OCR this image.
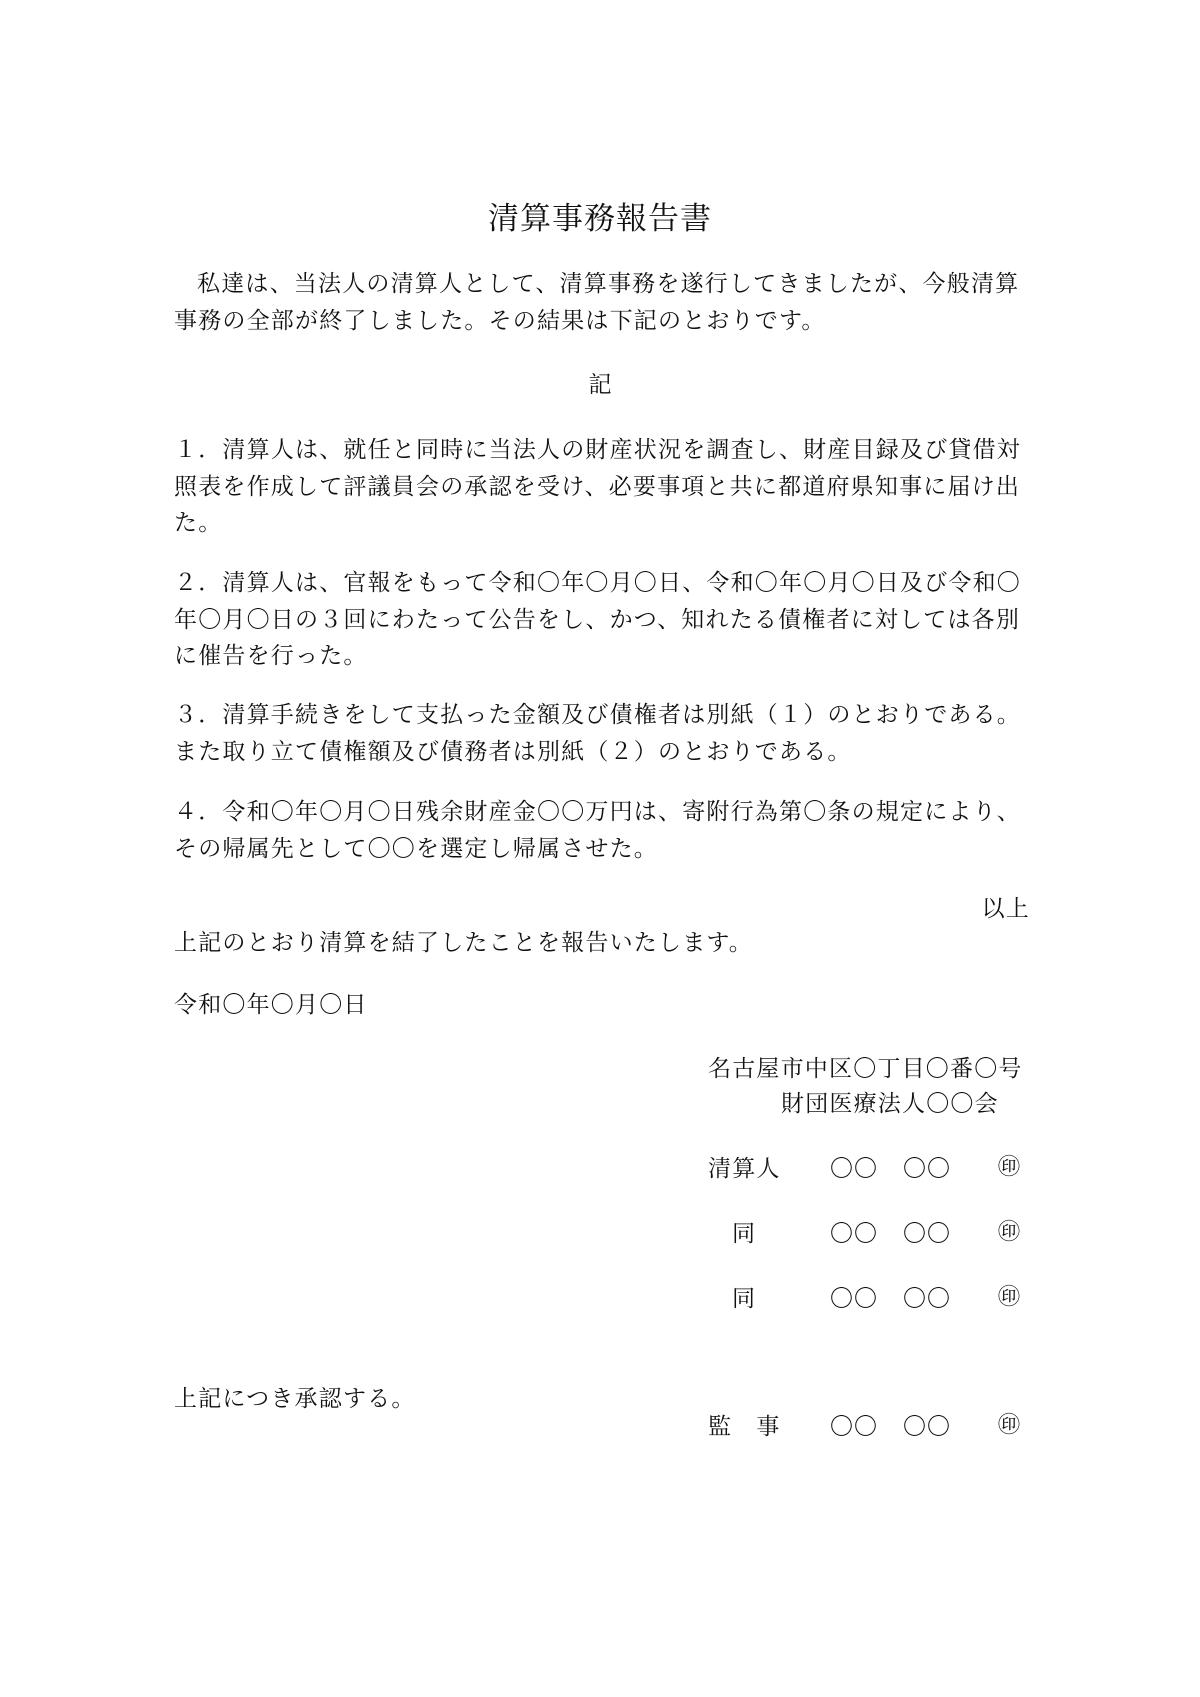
清算事務報告書
私達は、当法人の清算人として、清算事務を遂行してきましたが、今般清算事務の全部が終了しました。その結果は下記のとおりです。
記
１．清算人は、就任と同時に当法人の財産状況を調査し、財産目録及び貸借対照表を作成して評議員会の承認を受け、必要事項と共に都道府県知事に届け出た。
２．清算人は、官報をもって令和〇年〇月〇日、令和〇年〇月〇日及び令和〇年〇月〇日の３回にわたって公告をし、かつ、知れたる債権者に対しては各別に催告を行った。
３．清算手続きをして支払った金額及び債権者は別紙（１）のとおりである。また取り立て債権額及び債務者は別紙（２）のとおりである。
４．令和〇年〇月〇日残余財産金〇〇万円は、寄附行為第〇条の規定により、その帰属先として〇〇を選定し帰属させた。
以上
上記のとおり清算を結了したことを報告いたします。
令和〇年〇月〇日
名古屋市中区〇丁目〇番〇号
財団医療法人〇〇会
清算人 〇〇 〇〇 ㊞
同	〇〇 〇〇 ㊞
同	〇〇 〇〇 ㊞
上記につき承認する。
監　事 〇〇 〇〇 ㊞
